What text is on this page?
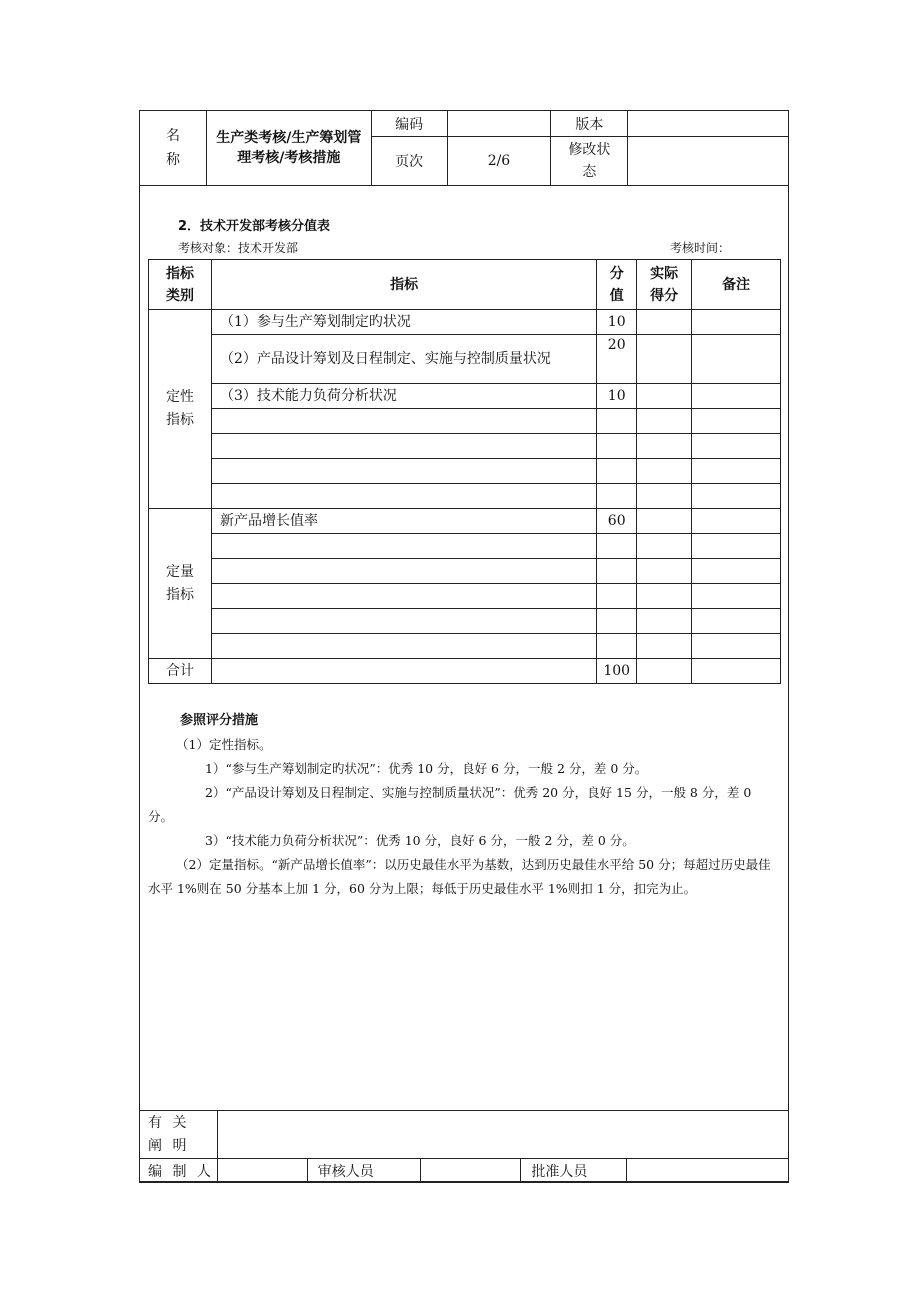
名 称	生产类考核/生产筹划管理考核/考核措施	编码		版本	
		页次	2/6	修改状态	
2．技术开发部考核分值表
考核对象：技术开发部	考核时间：
指标类别	指标	分值	实际得分	备注
定性指标	（1）参与生产筹划制定旳状况	10		
	（2）产品设计筹划及日程制定、实施与控制质量状况	20		
	（3）技术能力负荷分析状况	10		

定量指标	新产品增长值率	60		

合计		100		
参照评分措施
（1）定性指标。
1）“参与生产筹划制定旳状况”：优秀 10 分，良好 6 分，一般 2 分，差 0 分。
2）“产品设计筹划及日程制定、实施与控制质量状况”：优秀 20 分，良好 15 分，一般 8 分，差 0 分。
3）“技术能力负荷分析状况”：优秀 10 分，良好 6 分，一般 2 分，差 0 分。
（2）定量指标。“新产品增长值率”：以历史最佳水平为基数，达到历史最佳水平给 50 分；每超过历史最佳水平 1%则在 50 分基本上加 1 分，60 分为上限；每低于历史最佳水平 1%则扣 1 分，扣完为止。
有 关 阐 明					
编 制 人		审核人员		批准人员	
